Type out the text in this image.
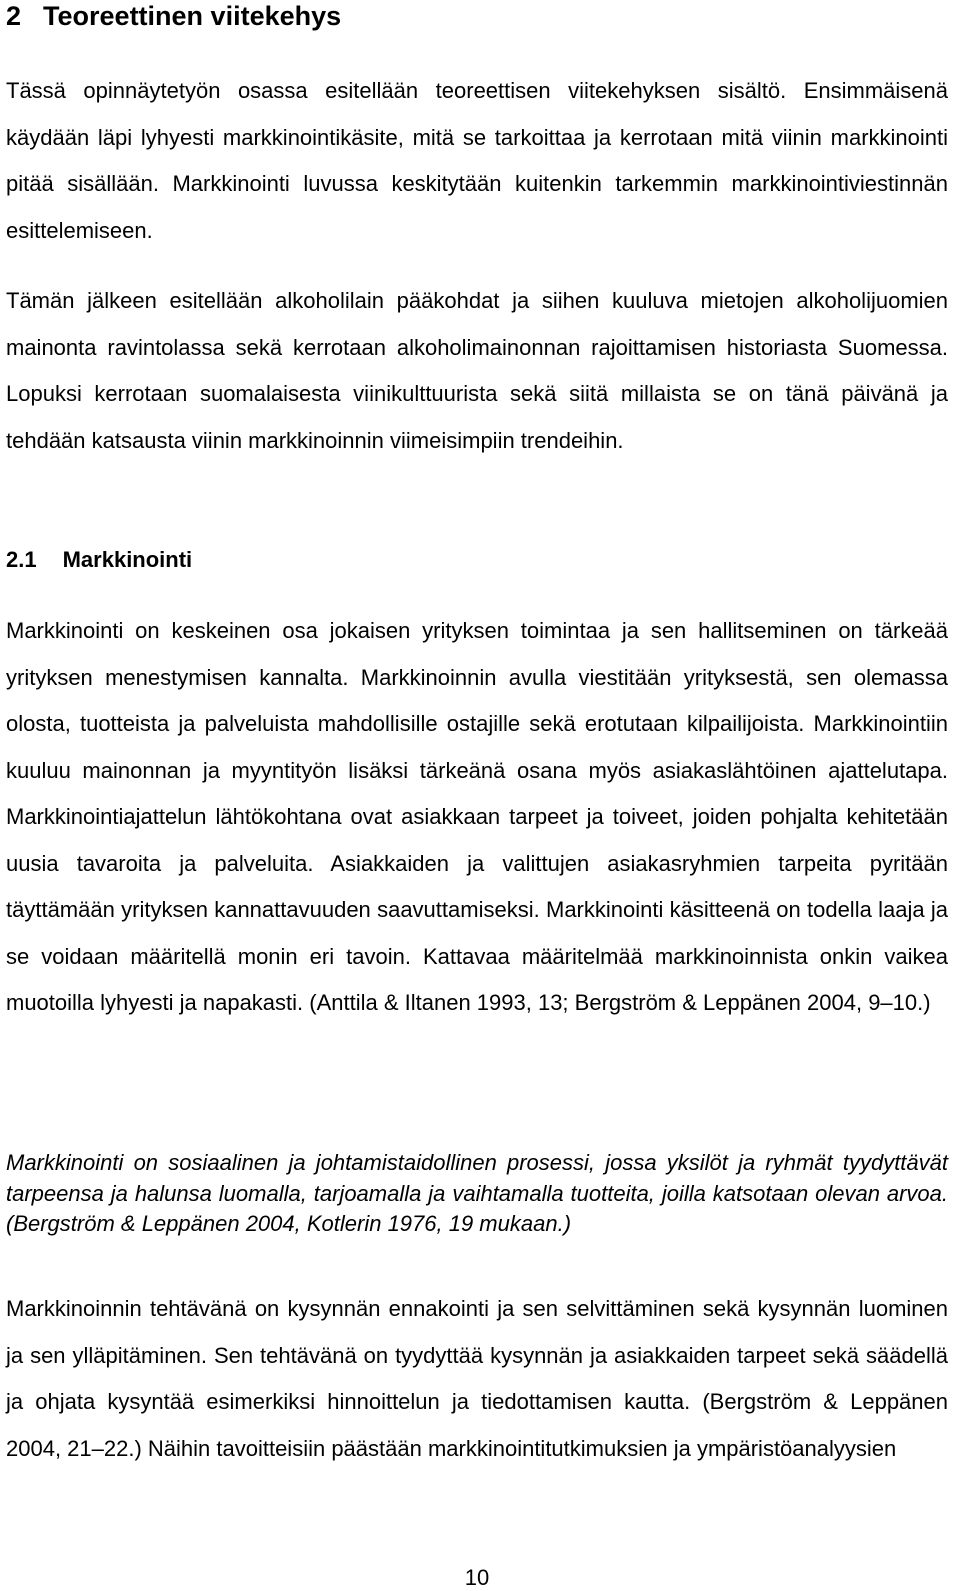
2 Teoreettinen viitekehys

Tässä opinnäytetyön osassa esitellään teoreettisen viitekehyksen sisältö. Ensimmäisenä käydään läpi lyhyesti markkinointikäsite, mitä se tarkoittaa ja kerrotaan mitä viinin markkinointi pitää sisällään. Markkinointi luvussa keskitytään kuitenkin tarkemmin markkinointiviestinnän esittelemiseen.

Tämän jälkeen esitellään alkoholilain pääkohdat ja siihen kuuluva mietojen alkoholijuomien mainonta ravintolassa sekä kerrotaan alkoholimainonnan rajoittamisen historiasta Suomessa. Lopuksi kerrotaan suomalaisesta viinikulttuurista sekä siitä millaista se on tänä päivänä ja tehdään katsausta viinin markkinoinnin viimeisimpiin trendeihin.

2.1 Markkinointi

Markkinointi on keskeinen osa jokaisen yrityksen toimintaa ja sen hallitseminen on tärkeää yrityksen menestymisen kannalta. Markkinoinnin avulla viestitään yrityksestä, sen olemassa olosta, tuotteista ja palveluista mahdollisille ostajille sekä erotutaan kilpailijoista. Markkinointiin kuuluu mainonnan ja myyntityön lisäksi tärkeänä osana myös asiakaslähtöinen ajattelutapa. Markkinointiajattelun lähtökohtana ovat asiakkaan tarpeet ja toiveet, joiden pohjalta kehitetään uusia tavaroita ja palveluita. Asiakkaiden ja valittujen asiakasryhmien tarpeita pyritään täyttämään yrityksen kannattavuuden saavuttamiseksi. Markkinointi käsitteenä on todella laaja ja se voidaan määritellä monin eri tavoin. Kattavaa määritelmää markkinoinnista onkin vaikea muotoilla lyhyesti ja napakasti. (Anttila & Iltanen 1993, 13; Bergström & Leppänen 2004, 9–10.)

Markkinointi on sosiaalinen ja johtamistaidollinen prosessi, jossa yksilöt ja ryhmät tyydyttävät tarpeensa ja halunsa luomalla, tarjoamalla ja vaihtamalla tuotteita, joilla katsotaan olevan arvoa. (Bergström & Leppänen 2004, Kotlerin 1976, 19 mukaan.)

Markkinoinnin tehtävänä on kysynnän ennakointi ja sen selvittäminen sekä kysynnän luominen ja sen ylläpitäminen. Sen tehtävänä on tyydyttää kysynnän ja asiakkaiden tarpeet sekä säädellä ja ohjata kysyntää esimerkiksi hinnoittelun ja tiedottamisen kautta. (Bergström & Leppänen 2004, 21–22.) Näihin tavoitteisiin päästään markkinointitutkimuksien ja ympäristöanalyysien

10
